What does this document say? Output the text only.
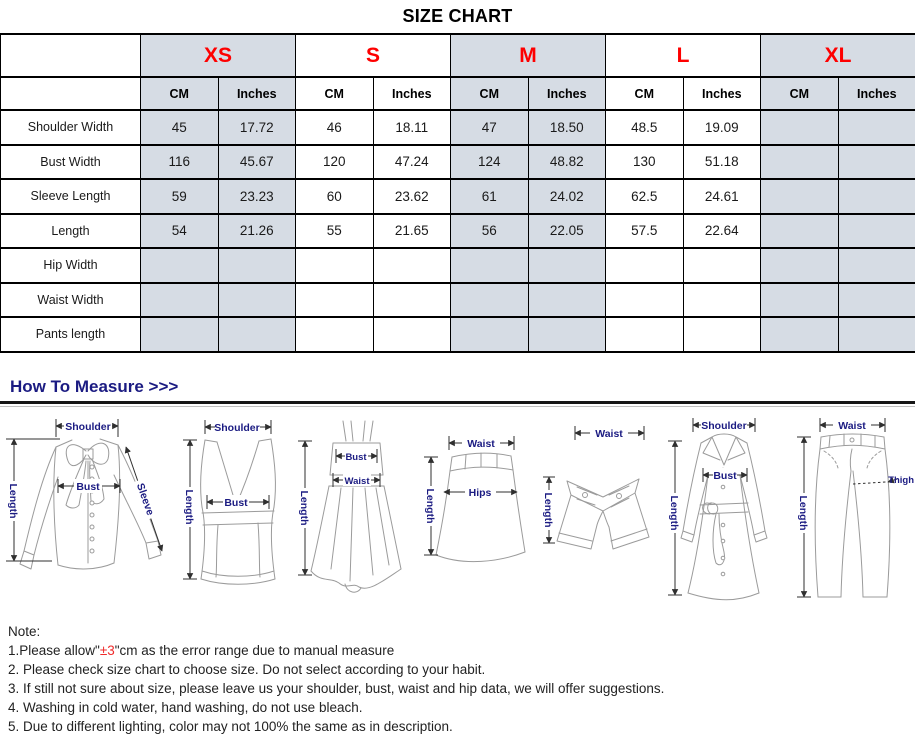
SIZE CHART
	XS		S		M		L		XL	
	CM	Inches	CM	Inches	CM	Inches	CM	Inches	CM	Inches
Shoulder Width	45	17.72	46	18.11	47	18.50	48.5	19.09		
Bust Width	116	45.67	120	47.24	124	48.82	130	51.18		
Sleeve Length	59	23.23	60	23.62	61	24.02	62.5	24.61		
Length	54	21.26	55	21.65	56	22.05	57.5	22.64		
Hip Width										
Waist Width										
Pants length										
How To Measure >>>
Shoulder
Length	Bust	Sleeve
Shoulder
Length	Bust
Bust
Waist
Length
Waist
Hips
Length
Waist
Length
Shoulder
Bust
Length
Thigh
Waist
Length
Note:
1.Please allow"±3"cm as the error range due to manual measure
2. Please check size chart to choose size. Do not select according to your habit.
3. If still not sure about size, please leave us your shoulder, bust, waist and hip data, we will offer suggestions.
4. Washing in cold water, hand washing, do not use bleach.
5. Due to different lighting, color may not 100% the same as in description.
